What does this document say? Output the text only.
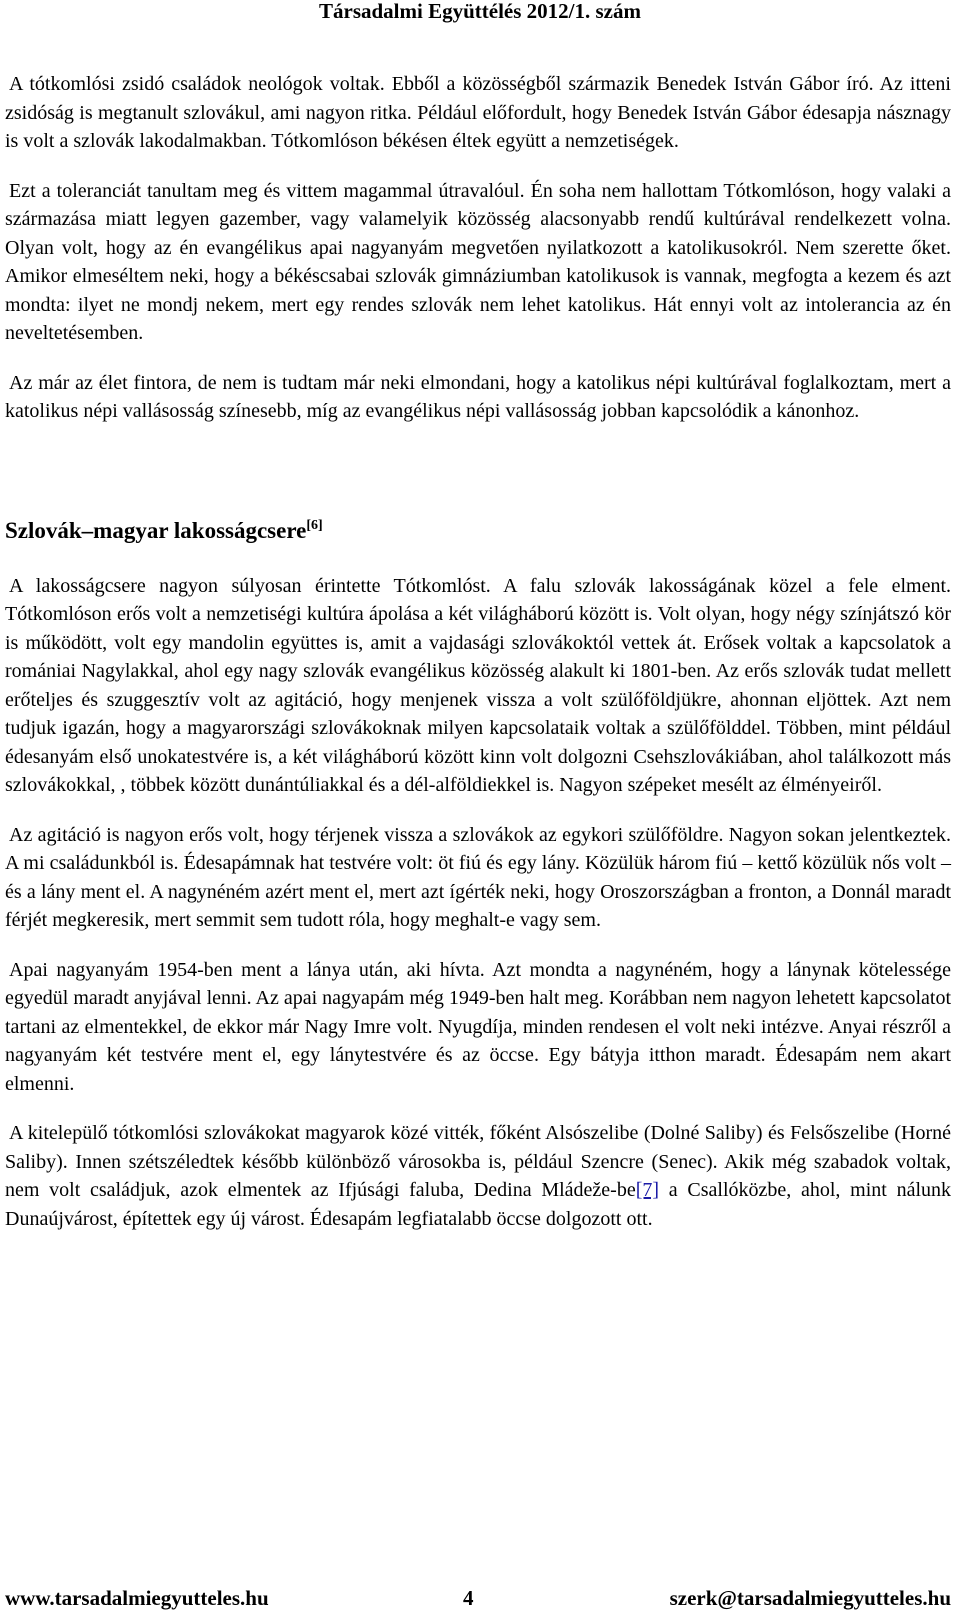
Társadalmi Együttélés 2012/1. szám

A tótkomlósi zsidó családok neológok voltak. Ebből a közösségből származik Benedek István Gábor író. Az itteni zsidóság is megtanult szlovákul, ami nagyon ritka. Például előfordult, hogy Benedek István Gábor édesapja násznagy is volt a szlovák lakodalmakban. Tótkomlóson békésen éltek együtt a nemzetiségek.

Ezt a toleranciát tanultam meg és vittem magammal útravalóul. Én soha nem hallottam Tótkomlóson, hogy valaki a származása miatt legyen gazember, vagy valamelyik közösség alacsonyabb rendű kultúrával rendelkezett volna. Olyan volt, hogy az én evangélikus apai nagyanyám megvetően nyilatkozott a katolikusokról. Nem szerette őket. Amikor elmeséltem neki, hogy a békéscsabai szlovák gimnáziumban katolikusok is vannak, megfogta a kezem és azt mondta: ilyet ne mondj nekem, mert egy rendes szlovák nem lehet katolikus. Hát ennyi volt az intolerancia az én neveltetésemben.

Az már az élet fintora, de nem is tudtam már neki elmondani, hogy a katolikus népi kultúrával foglalkoztam, mert a katolikus népi vallásosság színesebb, míg az evangélikus népi vallásosság jobban kapcsolódik a kánonhoz.

Szlovák–magyar lakosságcsere[6]

A lakosságcsere nagyon súlyosan érintette Tótkomlóst. A falu szlovák lakosságának közel a fele elment. Tótkomlóson erős volt a nemzetiségi kultúra ápolása a két világháború között is. Volt olyan, hogy négy színjátszó kör is működött, volt egy mandolin együttes is, amit a vajdasági szlovákoktól vettek át. Erősek voltak a kapcsolatok a romániai Nagylakkal, ahol egy nagy szlovák evangélikus közösség alakult ki 1801-ben. Az erős szlovák tudat mellett erőteljes és szuggesztív volt az agitáció, hogy menjenek vissza a volt szülőföldjükre, ahonnan eljöttek. Azt nem tudjuk igazán, hogy a magyarországi szlovákoknak milyen kapcsolataik voltak a szülőfölddel. Többen, mint például édesanyám első unokatestvére is, a két világháború között kinn volt dolgozni Csehszlovákiában, ahol találkozott más szlovákokkal, , többek között dunántúliakkal és a dél-alföldiekkel is. Nagyon szépeket mesélt az élményeiről.

Az agitáció is nagyon erős volt, hogy térjenek vissza a szlovákok az egykori szülőföldre. Nagyon sokan jelentkeztek. A mi családunkból is. Édesapámnak hat testvére volt: öt fiú és egy lány. Közülük három fiú – kettő közülük nős volt – és a lány ment el. A nagynéném azért ment el, mert azt ígérték neki, hogy Oroszországban a fronton, a Donnál maradt férjét megkeresik, mert semmit sem tudott róla, hogy meghalt-e vagy sem.

Apai nagyanyám 1954-ben ment a lánya után, aki hívta. Azt mondta a nagynéném, hogy a lánynak kötelessége egyedül maradt anyjával lenni. Az apai nagyapám még 1949-ben halt meg. Korábban nem nagyon lehetett kapcsolatot tartani az elmentekkel, de ekkor már Nagy Imre volt. Nyugdíja, minden rendesen el volt neki intézve. Anyai részről a nagyanyám két testvére ment el, egy lánytestvére és az öccse. Egy bátyja itthon maradt. Édesapám nem akart elmenni.

A kitelepülő tótkomlósi szlovákokat magyarok közé vitték, főként Alsószelibe (Dolné Saliby) és Felsőszelibe (Horné Saliby). Innen szétszéledtek később különböző városokba is, például Szencre (Senec). Akik még szabadok voltak, nem volt családjuk, azok elmentek az Ifjúsági faluba, Dedina Mládeže-be[7] a Csallóközbe, ahol, mint nálunk Dunaújvárost, építettek egy új várost. Édesapám legfiatalabb öccse dolgozott ott.

www.tarsadalmiegyutteles.hu	4	szerk@tarsadalmiegyutteles.hu
